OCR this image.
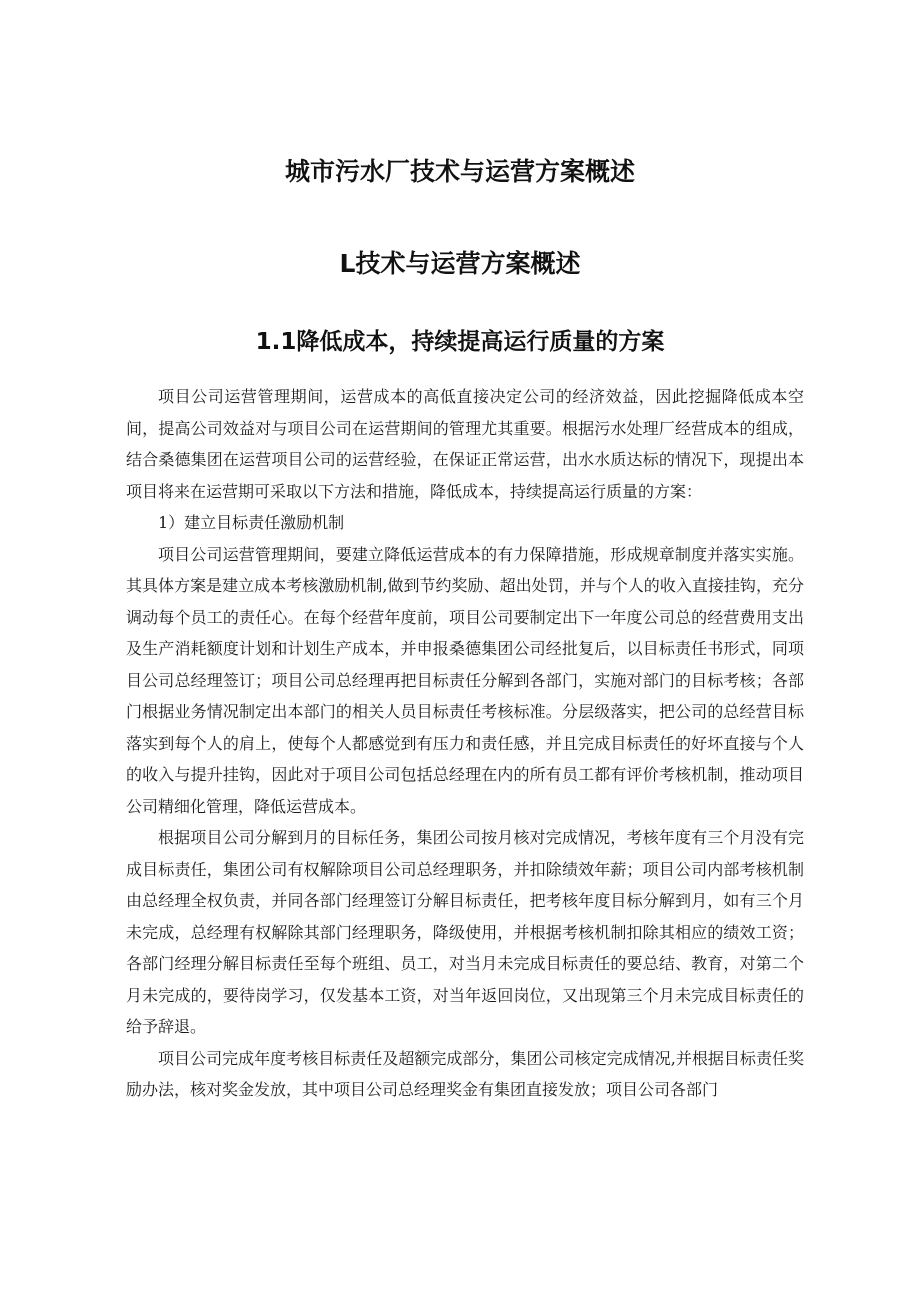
城市污水厂技术与运营方案概述
L技术与运营方案概述
1.1降低成本，持续提高运行质量的方案

项目公司运营管理期间，运营成本的高低直接决定公司的经济效益，因此挖掘降低成本空间，提高公司效益对与项目公司在运营期间的管理尤其重要。根据污水处理厂经营成本的组成，结合桑德集团在运营项目公司的运营经验，在保证正常运营，出水水质达标的情况下，现提出本项目将来在运营期可采取以下方法和措施，降低成本，持续提高运行质量的方案：

1）建立目标责任激励机制

项目公司运营管理期间，要建立降低运营成本的有力保障措施，形成规章制度并落实实施。其具体方案是建立成本考核激励机制,做到节约奖励、超出处罚，并与个人的收入直接挂钩，充分调动每个员工的责任心。在每个经营年度前，项目公司要制定出下一年度公司总的经营费用支出及生产消耗额度计划和计划生产成本，并申报桑德集团公司经批复后，以目标责任书形式，同项目公司总经理签订；项目公司总经理再把目标责任分解到各部门，实施对部门的目标考核；各部门根据业务情况制定出本部门的相关人员目标责任考核标准。分层级落实，把公司的总经营目标落实到每个人的肩上，使每个人都感觉到有压力和责任感，并且完成目标责任的好坏直接与个人的收入与提升挂钩，因此对于项目公司包括总经理在内的所有员工都有评价考核机制，推动项目公司精细化管理，降低运营成本。

根据项目公司分解到月的目标任务，集团公司按月核对完成情况，考核年度有三个月没有完成目标责任，集团公司有权解除项目公司总经理职务，并扣除绩效年薪；项目公司内部考核机制由总经理全权负责，并同各部门经理签订分解目标责任，把考核年度目标分解到月，如有三个月未完成，总经理有权解除其部门经理职务，降级使用，并根据考核机制扣除其相应的绩效工资；各部门经理分解目标责任至每个班组、员工，对当月未完成目标责任的要总结、教育，对第二个月未完成的，要待岗学习，仅发基本工资，对当年返回岗位，又出现第三个月未完成目标责任的给予辞退。

项目公司完成年度考核目标责任及超额完成部分，集团公司核定完成情况,并根据目标责任奖励办法，核对奖金发放，其中项目公司总经理奖金有集团直接发放；项目公司各部门
